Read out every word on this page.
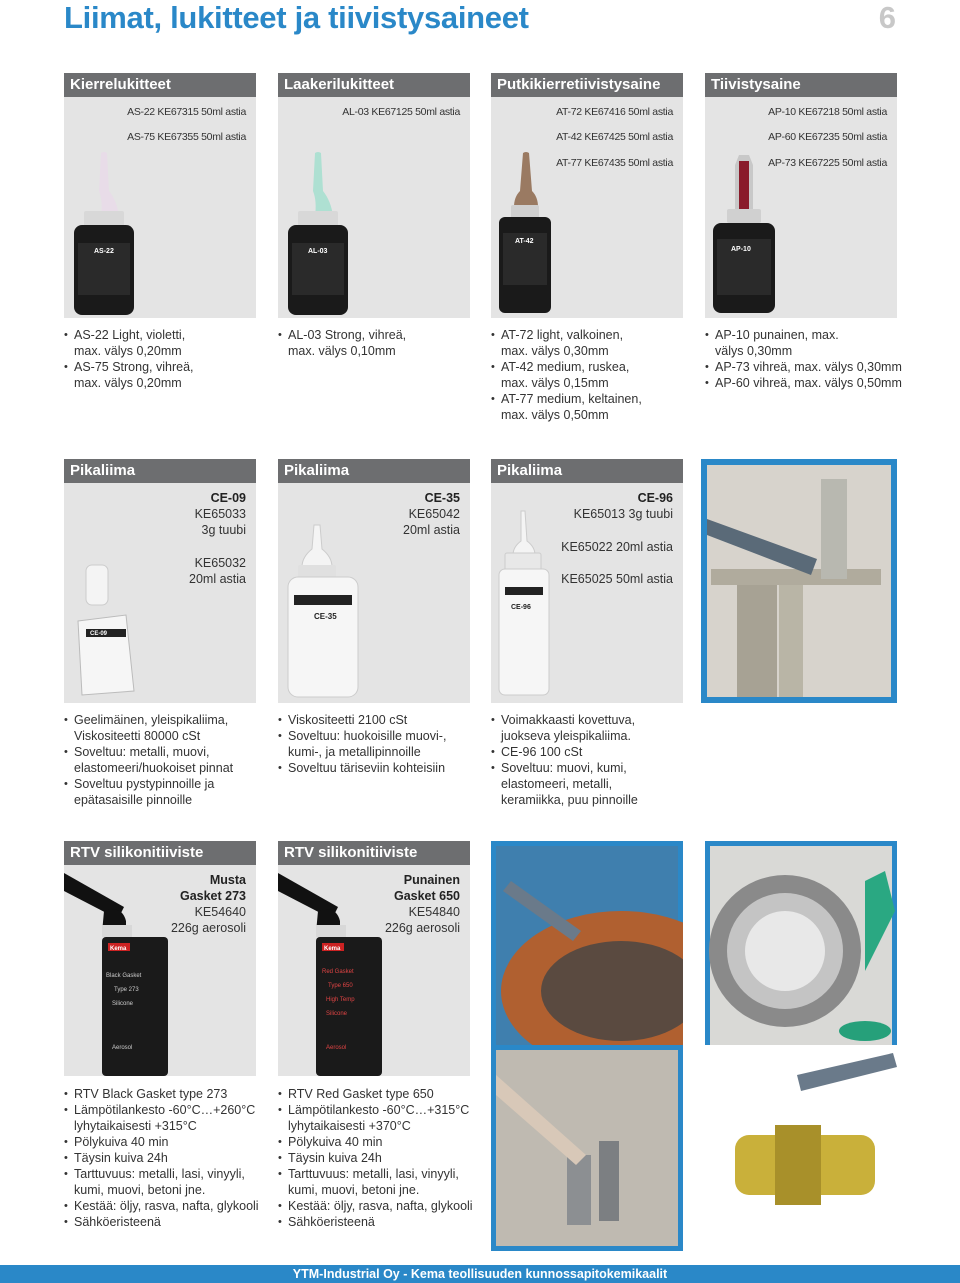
Liimat, lukitteet ja tiivistysaineet	6
Kierrelukitteet
AS-22 KE67315 50ml astia
AS-75 KE67355 50ml astia
AS-22
Laakerilukitteet
AL-03 KE67125 50ml astia
AL-03
Putkikierretiivistysaine
AT-72 KE67416 50ml astia
AT-42 KE67425 50ml astia
AT-77 KE67435 50ml astia
AT-42
Tiivistysaine
AP-10 KE67218 50ml astia
AP-60 KE67235 50ml astia
AP-73 KE67225 50ml astia
AP-10
• AS-22 Light, violetti,
max. välys 0,20mm
• AS-75 Strong, vihreä,
max. välys 0,20mm
• AL-03 Strong, vihreä,
max. välys 0,10mm
• AT-72 light, valkoinen,
max. välys 0,30mm
• AT-42 medium, ruskea,
max. välys 0,15mm
• AT-77 medium, keltainen,
max. välys 0,50mm
• AP-10 punainen, max.
välys 0,30mm
• AP-73 vihreä, max. välys 0,30mm
• AP-60 vihreä, max. välys 0,50mm
Pikaliima
CE-09
KE65033
3g tuubi
KE65032
20ml astia
CE-09
Pikaliima
CE-35
KE65042
20ml astia
CE-35
Pikaliima
CE-96
KE65013 3g tuubi
KE65022 20ml astia
KE65025 50ml astia
CE-96
• Geelimäinen, yleispikaliima,
Viskositeetti 80000 cSt
• Soveltuu: metalli, muovi,
elastomeeri/huokoiset pinnat
• Soveltuu pystypinnoille ja
epätasaisille pinnoille
• Viskositeetti 2100 cSt
• Soveltuu: huokoisille muovi-,
kumi-, ja metallipinnoille
• Soveltuu täriseviin kohteisiin
• Voimakkaasti kovettuva,
juokseva yleispikaliima.
• CE-96 100 cSt
• Soveltuu: muovi, kumi,
elastomeeri, metalli,
keramiikka, puu pinnoille
RTV silikonitiiviste
Musta
Gasket 273
KE54640
226g aerosoli
Kema
Black Gasket
Type 273
Silicone
Aerosol
RTV silikonitiiviste
Punainen
Gasket 650
KE54840
226g aerosoli
Kema
Red Gasket
Type 650
High Temp
Silicone
Aerosol
• RTV Black Gasket type 273
• Lämpötilankesto -60°C…+260°C
lyhytaikaisesti +315°C
• Pölykuiva 40 min
• Täysin kuiva 24h
• Tarttuvuus: metalli, lasi, vinyyli,
kumi, muovi, betoni jne.
• Kestää: öljy, rasva, nafta, glykooli
• Sähköeristeenä
• RTV Red Gasket type 650
• Lämpötilankesto -60°C…+315°C
lyhytaikaisesti +370°C
• Pölykuiva 40 min
• Täysin kuiva 24h
• Tarttuvuus: metalli, lasi, vinyyli,
kumi, muovi, betoni jne.
• Kestää: öljy, rasva, nafta, glykooli
• Sähköeristeenä
YTM-Industrial Oy - Kema teollisuuden kunnossapitokemikaalit
